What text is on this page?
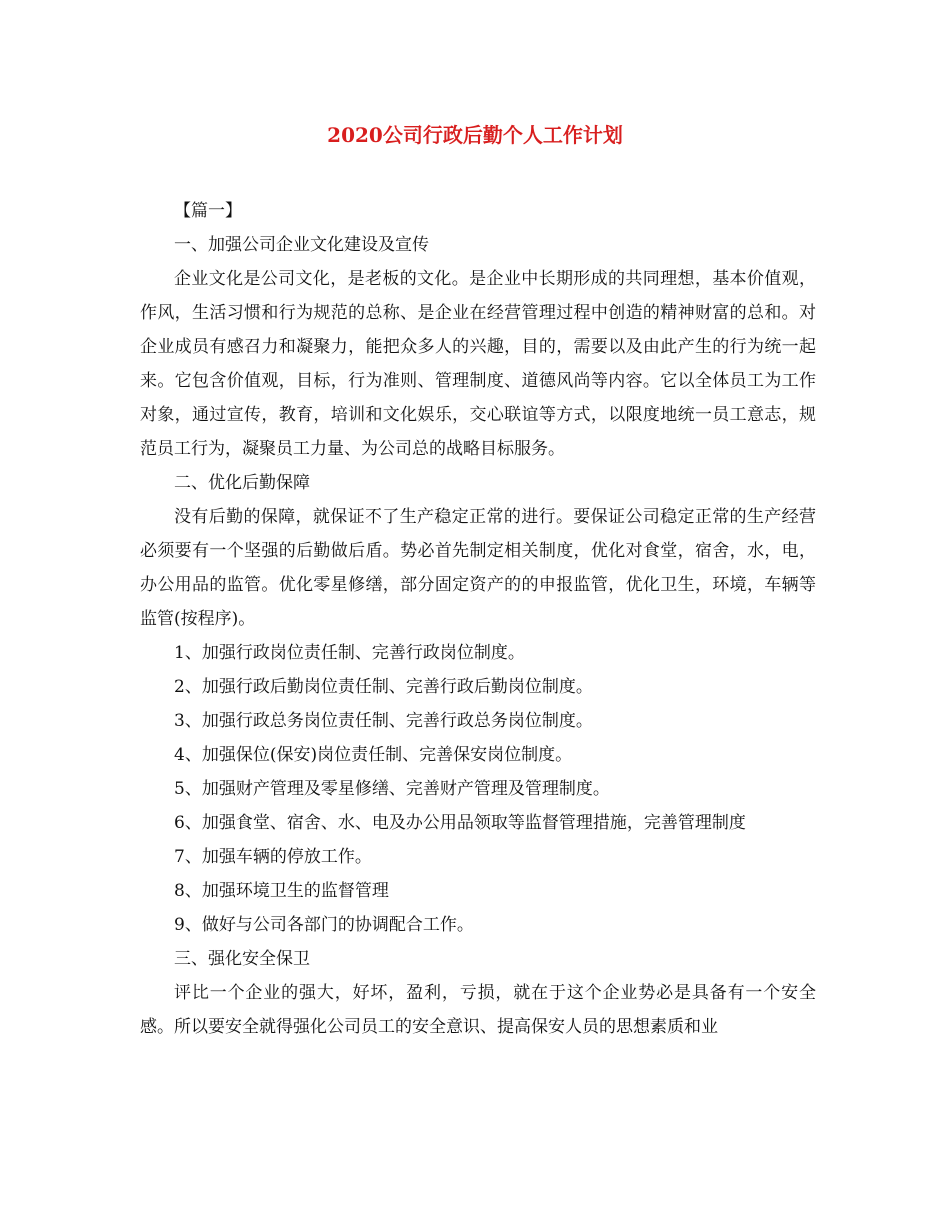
2020公司行政后勤个人工作计划

【篇一】

一、加强公司企业文化建设及宣传

企业文化是公司文化，是老板的文化。是企业中长期形成的共同理想，基本价值观，作风，生活习惯和行为规范的总称、是企业在经营管理过程中创造的精神财富的总和。对企业成员有感召力和凝聚力，能把众多人的兴趣，目的，需要以及由此产生的行为统一起来。它包含价值观，目标，行为准则、管理制度、道德风尚等内容。它以全体员工为工作对象，通过宣传，教育，培训和文化娱乐，交心联谊等方式，以限度地统一员工意志，规范员工行为，凝聚员工力量、为公司总的战略目标服务。

二、优化后勤保障

没有后勤的保障，就保证不了生产稳定正常的进行。要保证公司稳定正常的生产经营必须要有一个坚强的后勤做后盾。势必首先制定相关制度，优化对食堂，宿舍，水，电，办公用品的监管。优化零星修缮，部分固定资产的的申报监管，优化卫生，环境，车辆等监管(按程序)。

1、加强行政岗位责任制、完善行政岗位制度。

2、加强行政后勤岗位责任制、完善行政后勤岗位制度。

3、加强行政总务岗位责任制、完善行政总务岗位制度。

4、加强保位(保安)岗位责任制、完善保安岗位制度。

5、加强财产管理及零星修缮、完善财产管理及管理制度。

6、加强食堂、宿舍、水、电及办公用品领取等监督管理措施，完善管理制度

7、加强车辆的停放工作。

8、加强环境卫生的监督管理

9、做好与公司各部门的协调配合工作。

三、强化安全保卫

评比一个企业的强大，好坏，盈利，亏损，就在于这个企业势必是具备有一个安全感。所以要安全就得强化公司员工的安全意识、提高保安人员的思想素质和业
